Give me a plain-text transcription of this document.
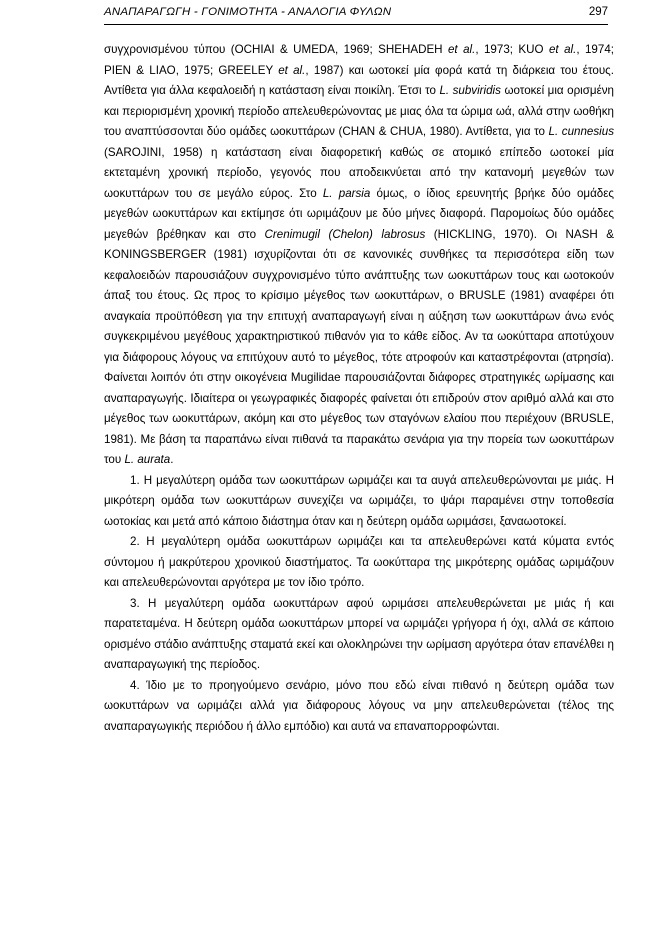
ΑΝΑΠΑΡΑΓΩΓΗ - ΓΟΝΙΜΟΤΗΤΑ - ΑΝΑΛΟΓΙΑ ΦΥΛΩΝ	297

συγχρονισμένου τύπου (OCHIAI & UMEDA, 1969; SHEHADEH et al., 1973; KUO et al., 1974; PIEN & LIAO, 1975; GREELEY et al., 1987) και ωοτοκεί μία φορά κατά τη διάρκεια του έτους. Αντίθετα για άλλα κεφαλοειδή η κατάσταση είναι ποικίλη. Έτσι το L. subviridis ωοτοκεί μια ορισμένη και περιορισμένη χρονική περίοδο απελευθερώνοντας με μιας όλα τα ώριμα ωά, αλλά στην ωοθήκη του αναπτύσσονται δύο ομάδες ωοκυττάρων (CHAN & CHUA, 1980). Αντίθετα, για το L. cunnesius (SAROJINI, 1958) η κατάσταση είναι διαφορετική καθώς σε ατομικό επίπεδο ωοτοκεί μία εκτεταμένη χρονική περίοδο, γεγονός που αποδεικνύεται από την κατανομή μεγεθών των ωοκυττάρων του σε μεγάλο εύρος. Στο L. parsia όμως, ο ίδιος ερευνητής βρήκε δύο ομάδες μεγεθών ωοκυττάρων και εκτίμησε ότι ωριμάζουν με δύο μήνες διαφορά. Παρομοίως δύο ομάδες μεγεθών βρέθηκαν και στο Crenimugil (Chelon) labrosus (HICKLING, 1970). Οι NASH & KONINGSBERGER (1981) ισχυρίζονται ότι σε κανονικές συνθήκες τα περισσότερα είδη των κεφαλοειδών παρουσιάζουν συγχρονισμένο τύπο ανάπτυξης των ωοκυττάρων τους και ωοτοκούν άπαξ του έτους. Ως προς το κρίσιμο μέγεθος των ωοκυττάρων, ο BRUSLE (1981) αναφέρει ότι αναγκαία προϋπόθεση για την επιτυχή αναπαραγωγή είναι η αύξηση των ωοκυττάρων άνω ενός συγκεκριμένου μεγέθους χαρακτηριστικού πιθανόν για το κάθε είδος. Αν τα ωοκύτταρα αποτύχουν για διάφορους λόγους να επιτύχουν αυτό το μέγεθος, τότε ατροφούν και καταστρέφονται (ατρησία). Φαίνεται λοιπόν ότι στην οικογένεια Mugilidae παρουσιάζονται διάφορες στρατηγικές ωρίμασης και αναπαραγωγής. Ιδιαίτερα οι γεωγραφικές διαφορές φαίνεται ότι επιδρούν στον αριθμό αλλά και στο μέγεθος των ωοκυττάρων, ακόμη και στο μέγεθος των σταγόνων ελαίου που περιέχουν (BRUSLE, 1981). Με βάση τα παραπάνω είναι πιθανά τα παρακάτω σενάρια για την πορεία των ωοκυττάρων του L. aurata.

1. Η μεγαλύτερη ομάδα των ωοκυττάρων ωριμάζει και τα αυγά απελευθερώνονται με μιάς. Η μικρότερη ομάδα των ωοκυττάρων συνεχίζει να ωριμάζει, το ψάρι παραμένει στην τοποθεσία ωοτοκίας και μετά από κάποιο διάστημα όταν και η δεύτερη ομάδα ωριμάσει, ξαναωοτοκεί.

2. Η μεγαλύτερη ομάδα ωοκυττάρων ωριμάζει και τα απελευθερώνει κατά κύματα εντός σύντομου ή μακρύτερου χρονικού διαστήματος. Τα ωοκύτταρα της μικρότερης ομάδας ωριμάζουν και απελευθερώνονται αργότερα με τον ίδιο τρόπο.

3. Η μεγαλύτερη ομάδα ωοκυττάρων αφού ωριμάσει απελευθερώνεται με μιάς ή και παρατεταμένα. Η δεύτερη ομάδα ωοκυττάρων μπορεί να ωριμάζει γρήγορα ή όχι, αλλά σε κάποιο ορισμένο στάδιο ανάπτυξης σταματά εκεί και ολοκληρώνει την ωρίμαση αργότερα όταν επανέλθει η αναπαραγωγική της περίοδος.

4. Ίδιο με το προηγούμενο σενάριο, μόνο που εδώ είναι πιθανό η δεύτερη ομάδα των ωοκυττάρων να ωριμάζει αλλά για διάφορους λόγους να μην απελευθερώνεται (τέλος της αναπαραγωγικής περιόδου ή άλλο εμπόδιο) και αυτά να επαναπορροφώνται.
